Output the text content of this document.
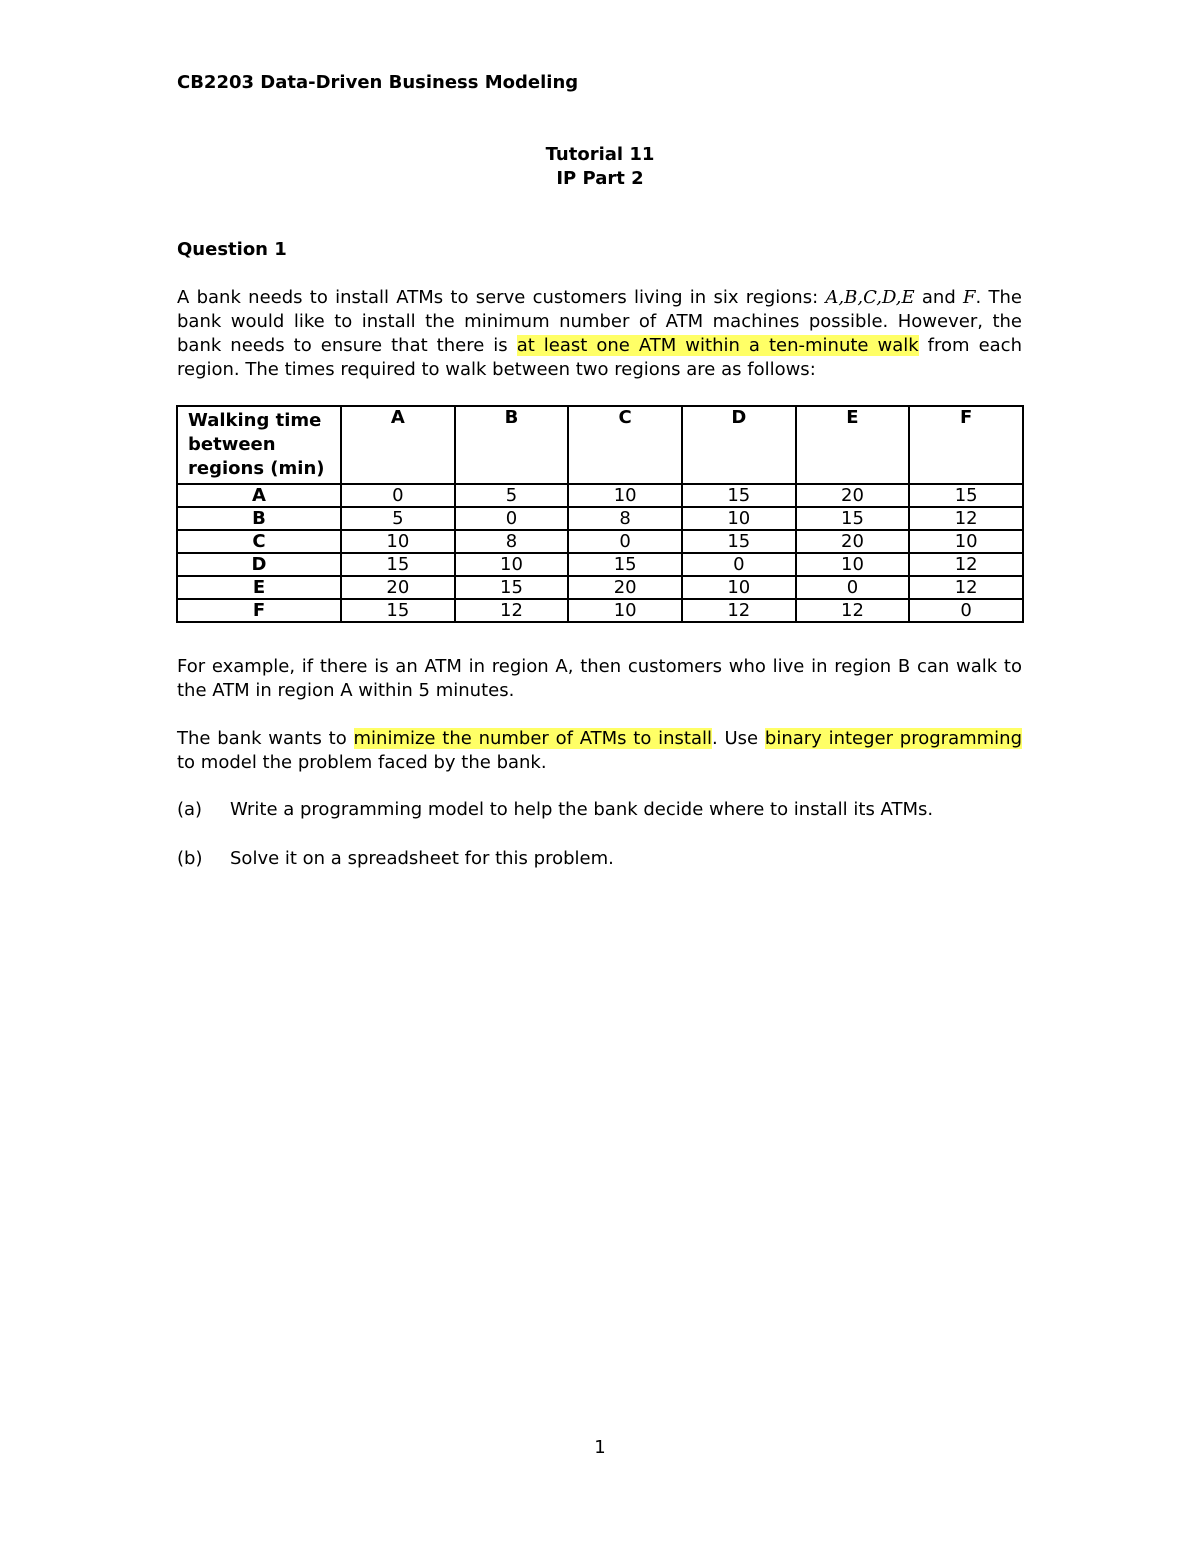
CB2203 Data-Driven Business Modeling
Tutorial 11
IP Part 2
Question 1
A bank needs to install ATMs to serve customers living in six regions: A,B,C,D,E and F. The bank would like to install the minimum number of ATM machines possible. However, the bank needs to ensure that there is at least one ATM within a ten-minute walk from each region. The times required to walk between two regions are as follows:
Walking time
between
regions (min)	A	B	C	D	E	F
A	0	5	10	15	20	15
B	5	0	8	10	15	12
C	10	8	0	15	20	10
D	15	10	15	0	10	12
E	20	15	20	10	0	12
F	15	12	10	12	12	0
For example, if there is an ATM in region A, then customers who live in region B can walk to the ATM in region A within 5 minutes.
The bank wants to minimize the number of ATMs to install. Use binary integer programming to model the problem faced by the bank.
(a) Write a programming model to help the bank decide where to install its ATMs.
(b) Solve it on a spreadsheet for this problem.
1
